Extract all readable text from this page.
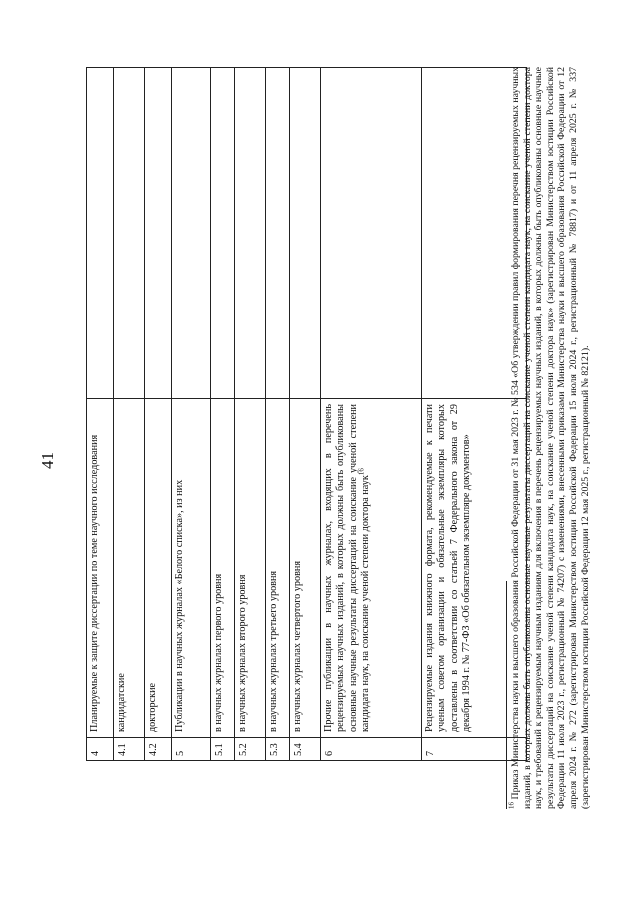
41
4	Планируемые к защите диссертации по теме научного исследования	
4.1	кандидатские	
4.2	докторские	
5	Публикации в научных журналах «Белого списка», из них	
5.1	в научных журналах первого уровня	
5.2	в научных журналах второго уровня	
5.3	в научных журналах третьего уровня	
5.4	в научных журналах четвертого уровня	
6	Прочие публикации в научных журналах, входящих в перечень рецензируемых научных изданий, в которых должны быть опубликованы основные научные результаты диссертаций на соискание ученой степени кандидата наук, на соискание ученой степени доктора наук$^{16}$	
7	Рецензируемые издания книжного формата, рекомендуемые к печати ученым советом организации и обязательные экземпляры которых доставлены в соответствии со статьей 7 Федерального закона от 29 декабря 1994 г. № 77-ФЗ «Об обязательном экземпляре документов»	
$^{16}$ Приказ Министерства науки и высшего образования Российской Федерации от 31 мая 2023 г. № 534 «Об утверждении правил формирования перечня рецензируемых научных изданий, в которых должны быть опубликованы основные научные результаты диссертаций на соискание ученой степени кандидата наук, на соискание ученой степени доктора наук, и требований к рецензируемым научным изданиям для включения в перечень рецензируемых научных изданий, в которых должны быть опубликованы основные научные результаты диссертаций на соискание ученой степени кандидата наук, на соискание ученой степени доктора наук» (зарегистрирован Министерством юстиции Российской Федерации 11 июля 2023 г., регистрационный № 74207) с изменениями, внесенными приказами Министерства науки и высшего образования Российской Федерации от 12 апреля 2024 г. № 272 (зарегистрирован Министерством юстиции Российской Федерации 15 июля 2024 г., регистрационный № 78817) и от 11 апреля 2025 г. № 337 (зарегистрирован Министерством юстиции Российской Федерации 12 мая 2025 г., регистрационный № 82121).
